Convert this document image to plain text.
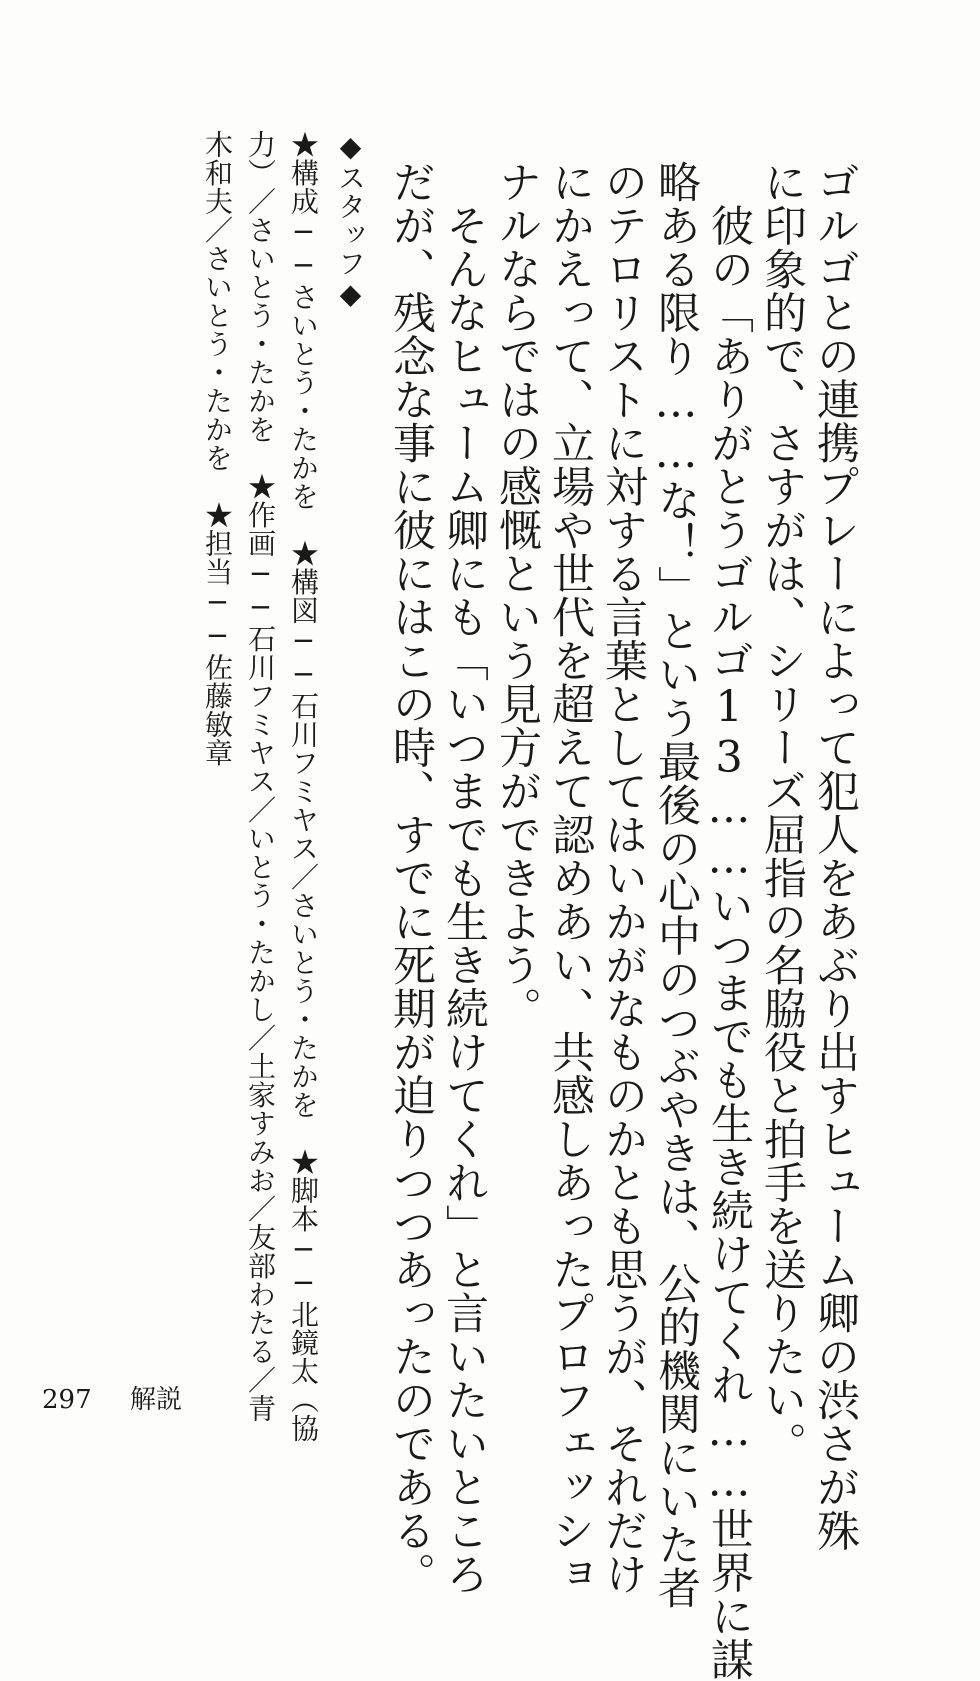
ゴルゴとの連携プレーによって犯人をあぶり出すヒューム卿の渋さが殊
に印象的で、さすがは、シリーズ屈指の名脇役と拍手を送りたい。
　彼の「ありがとうゴルゴ13……いつまでも生き続けてくれ……世界に謀
略ある限り……な！」という最後の心中のつぶやきは、公的機関にいた者
のテロリストに対する言葉としてはいかがなものかとも思うが、それだけ
にかえって、立場や世代を超えて認めあい、共感しあったプロフェッショ
ナルならではの感慨という見方ができよう。
　そんなヒューム卿にも「いつまでも生き続けてくれ」と言いたいところ
だが、残念な事に彼にはこの時、すでに死期が迫りつつあったのである。
◆スタッフ◆
★構成──さいとう・たかを　★構図──石川フミヤス／さいとう・たかを　★脚本──北鏡太（協
力）／さいとう・たかを　★作画──石川フミヤス／いとう・たかし／土家すみお／友部わたる／青
木和夫／さいとう・たかを　★担当──佐藤敏章
297 解説
